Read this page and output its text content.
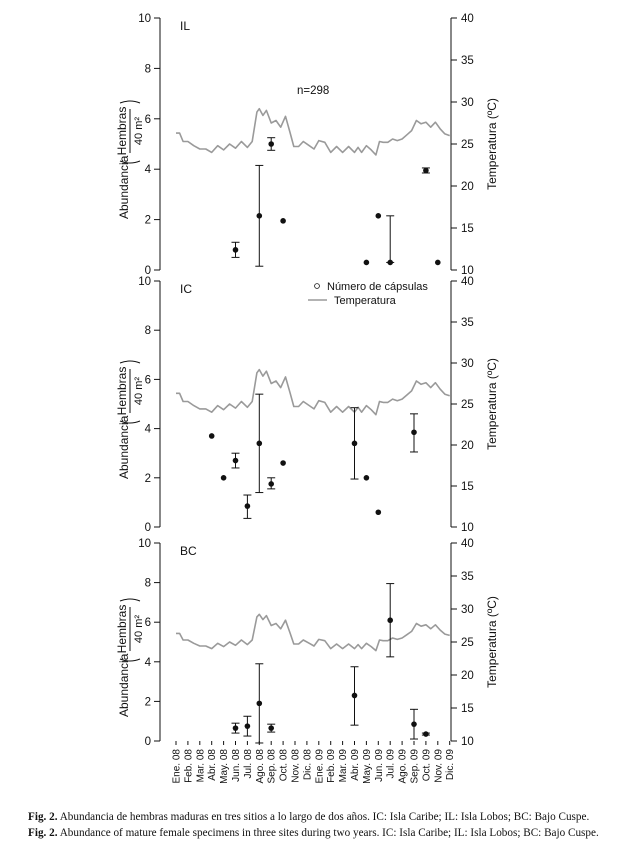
0
2
4
6
8
10
10
15
20
25
30
35
40
IL
n=298
Abundancia
Hembras 40 m²	Temperatura (ºC)
0
2
4
6
8
10
10
15
20
25
30
35
40
IC
Abundancia
Hembras 40 m²	Temperatura (ºC)
Número de cápsulas
Temperatura
0
2
4
6
8
10
10
15
20
25
30
35
40
BC
Abundancia
Hembras 40 m²	Temperatura (ºC)
Ene. 08 Feb. 08 Mar. 08 Abr. 08 May. 08 Jun. 08 Jul. 08 Ago. 08 Sep. 08 Oct. 08 Nov. 08 Dic. 08 Ene. 09 Feb. 09 Mar. 09 Abr. 09 May. 09 Jun. 09 Jul. 09 Ago. 09 Sep. 09 Oct. 09 Nov. 09 Dic. 09
Fig. 2. Abundancia de hembras maduras en tres sitios a lo largo de dos años. IC: Isla Caribe; IL: Isla Lobos; BC: Bajo Cuspe.
Fig. 2. Abundance of mature female specimens in three sites during two years. IC: Isla Caribe; IL: Isla Lobos; BC: Bajo Cuspe.
